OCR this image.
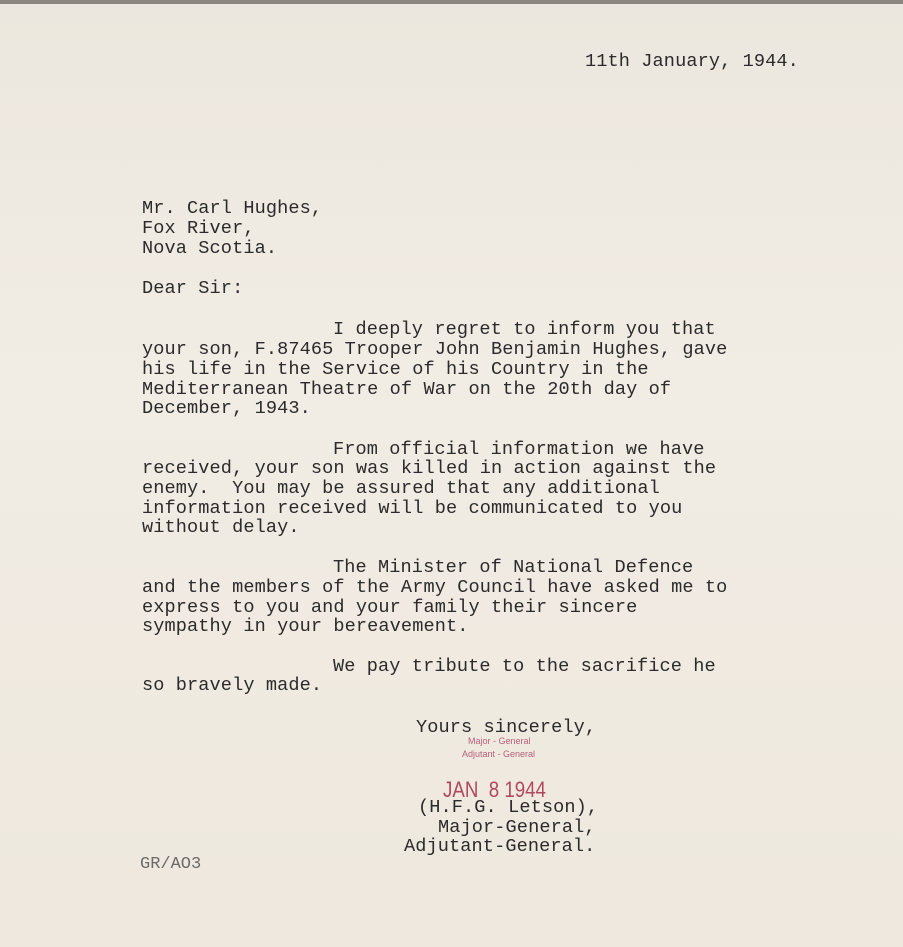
11th January, 1944.
Mr. Carl Hughes,
Fox River,
Nova Scotia.
Dear Sir:
I deeply regret to inform you that
your son, F.87465 Trooper John Benjamin Hughes, gave
his life in the Service of his Country in the
Mediterranean Theatre of War on the 20th day of
December, 1943.
From official information we have
received, your son was killed in action against the
enemy.  You may be assured that any additional
information received will be communicated to you
without delay.
The Minister of National Defence
and the members of the Army Council have asked me to
express to you and your family their sincere
sympathy in your bereavement.
We pay tribute to the sacrifice he
so bravely made.
Yours sincerely,
Major - General
Adjutant - General
JAN  8 1944
(H.F.G. Letson),
Major-General,
Adjutant-General.
GR/AO3
